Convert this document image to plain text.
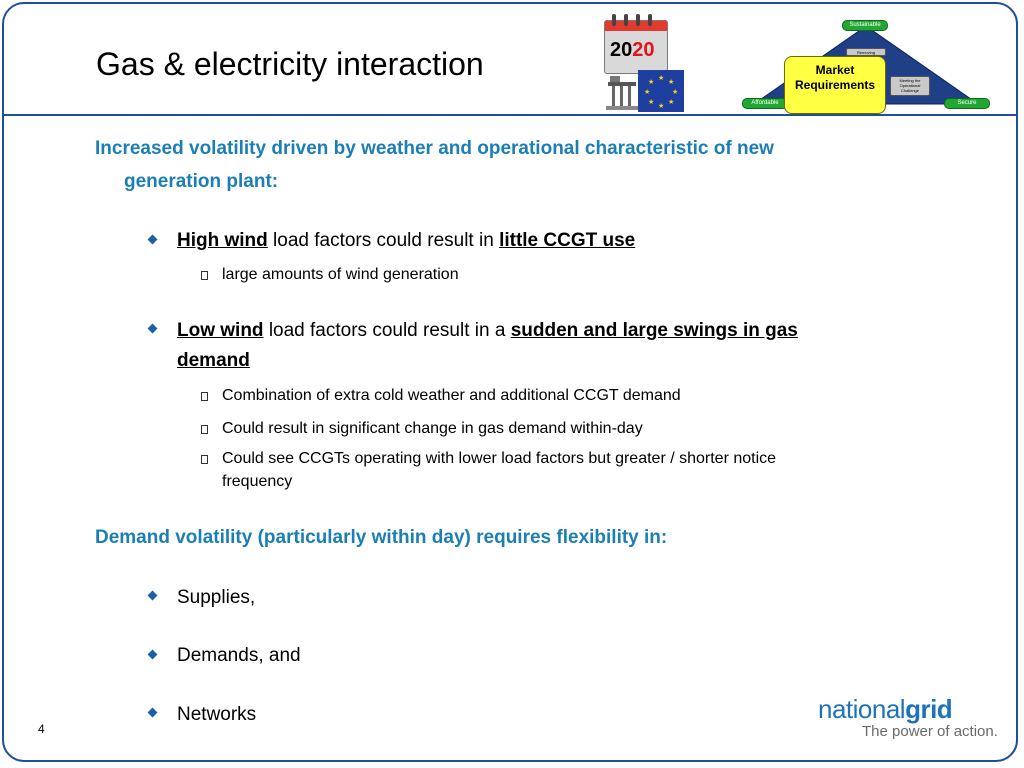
Gas & electricity interaction	2020
★
★
★
★
★
★
★
★
Sustainable
Affordable	Secure
Removing
Meeting the Operational Challenge
Market
Requirements
Increased volatility driven by weather and operational characteristic of new
generation plant:
High wind load factors could result in little CCGT use
large amounts of wind generation
Low wind load factors could result in a sudden and large swings in gas
demand
Combination of extra cold weather and additional CCGT demand
Could result in significant change in gas demand within-day
Could see CCGTs operating with lower load factors but greater / shorter notice
frequency
Demand volatility (particularly within day) requires flexibility in:
Supplies,
Demands, and
Networks
4
nationalgrid
The power of action.
